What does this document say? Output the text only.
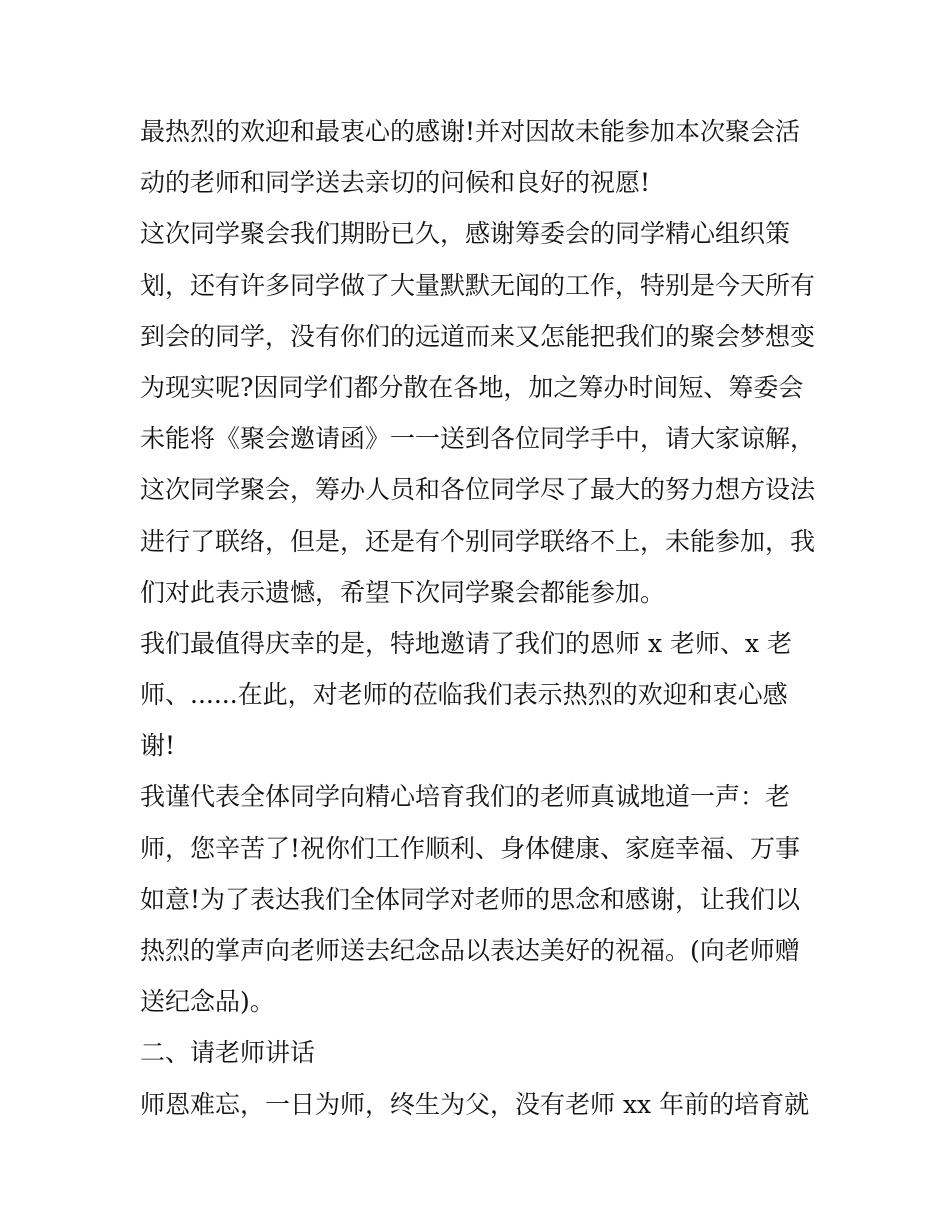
最热烈的欢迎和最衷心的感谢!并对因故未能参加本次聚会活
动的老师和同学送去亲切的问候和良好的祝愿!
这次同学聚会我们期盼已久，感谢筹委会的同学精心组织策
划，还有许多同学做了大量默默无闻的工作，特别是今天所有
到会的同学，没有你们的远道而来又怎能把我们的聚会梦想变
为现实呢?因同学们都分散在各地，加之筹办时间短、筹委会
未能将《聚会邀请函》一一送到各位同学手中，请大家谅解，
这次同学聚会，筹办人员和各位同学尽了最大的努力想方设法
进行了联络，但是，还是有个别同学联络不上，未能参加，我
们对此表示遗憾，希望下次同学聚会都能参加。
我们最值得庆幸的是，特地邀请了我们的恩师 x 老师、x 老
师、......在此，对老师的莅临我们表示热烈的欢迎和衷心感
谢!
我谨代表全体同学向精心培育我们的老师真诚地道一声：老
师，您辛苦了!祝你们工作顺利、身体健康、家庭幸福、万事
如意!为了表达我们全体同学对老师的思念和感谢，让我们以
热烈的掌声向老师送去纪念品以表达美好的祝福。(向老师赠
送纪念品)。
二、请老师讲话
师恩难忘，一日为师，终生为父，没有老师 xx 年前的培育就
